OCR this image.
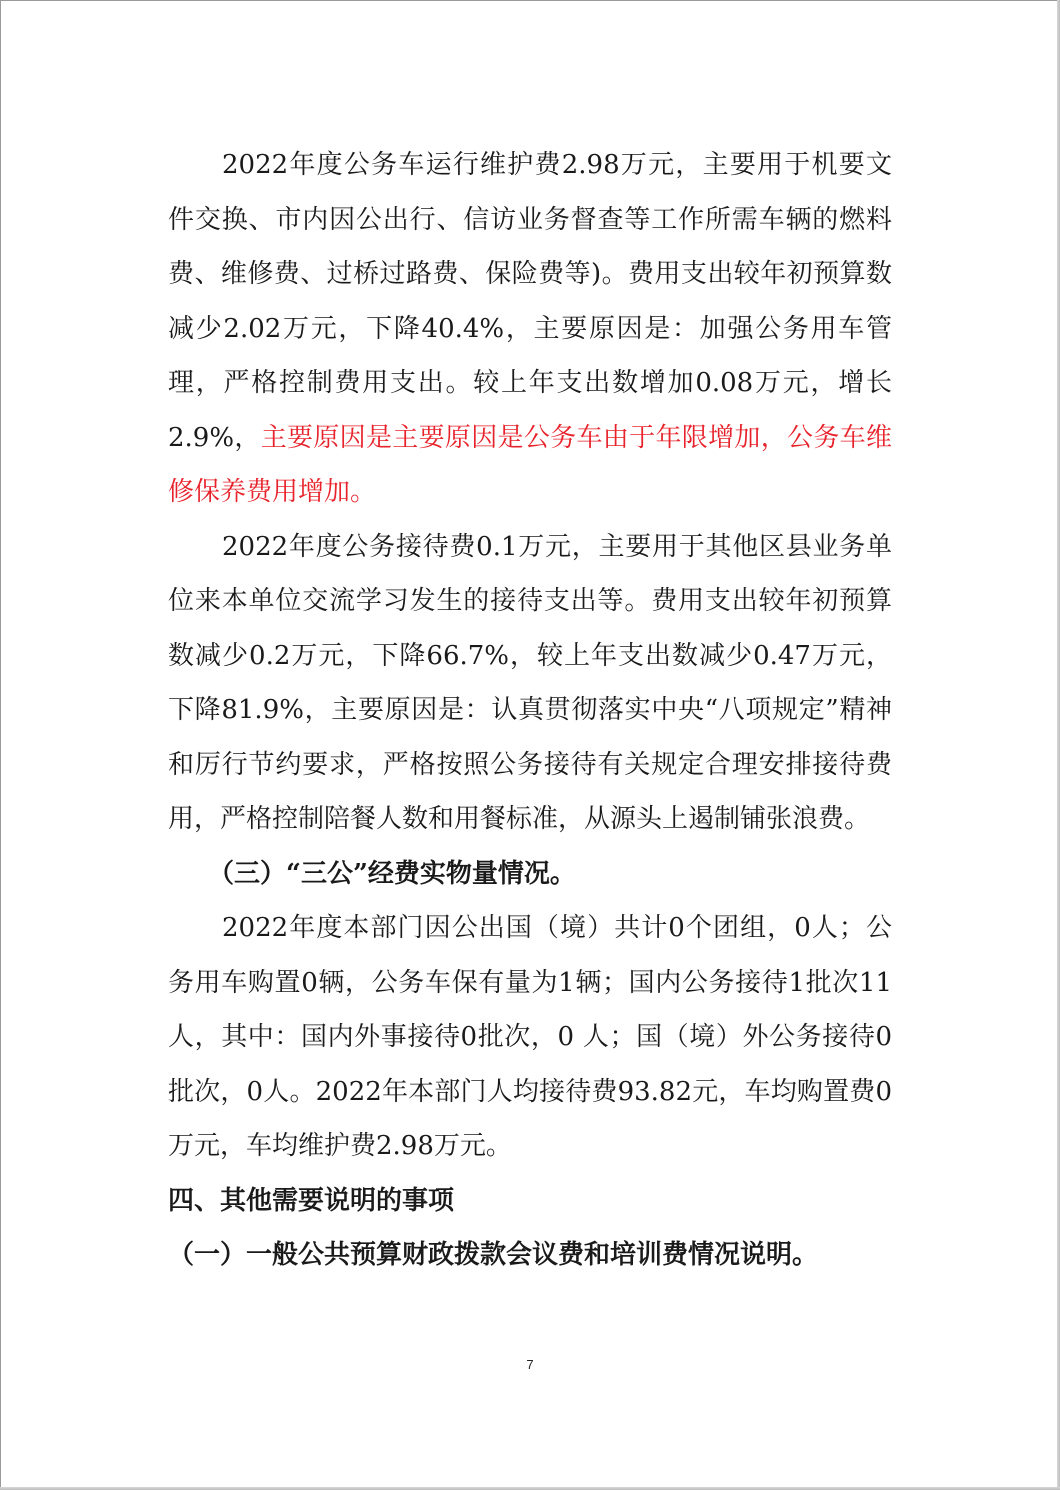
2022年度公务车运行维护费2.98万元，主要用于机要文件交换、市内因公出行、信访业务督查等工作所需车辆的燃料费、维修费、过桥过路费、保险费等)。费用支出较年初预算数减少2.02万元，下降40.4%，主要原因是：加强公务用车管理，严格控制费用支出。较上年支出数增加0.08万元，增长2.9%，主要原因是主要原因是公务车由于年限增加，公务车维修保养费用增加。

2022年度公务接待费0.1万元，主要用于其他区县业务单位来本单位交流学习发生的接待支出等。费用支出较年初预算数减少0.2万元，下降66.7%，较上年支出数减少0.47万元，下降81.9%，主要原因是：认真贯彻落实中央“八项规定”精神和厉行节约要求，严格按照公务接待有关规定合理安排接待费用，严格控制陪餐人数和用餐标准，从源头上遏制铺张浪费。

（三）“三公”经费实物量情况。

2022年度本部门因公出国（境）共计0个团组，0人；公务用车购置0辆，公务车保有量为1辆；国内公务接待1批次11人，其中：国内外事接待0批次，0 人；国（境）外公务接待0批次，0人。2022年本部门人均接待费93.82元，车均购置费0万元，车均维护费2.98万元。

四、其他需要说明的事项

（一）一般公共预算财政拨款会议费和培训费情况说明。

7
